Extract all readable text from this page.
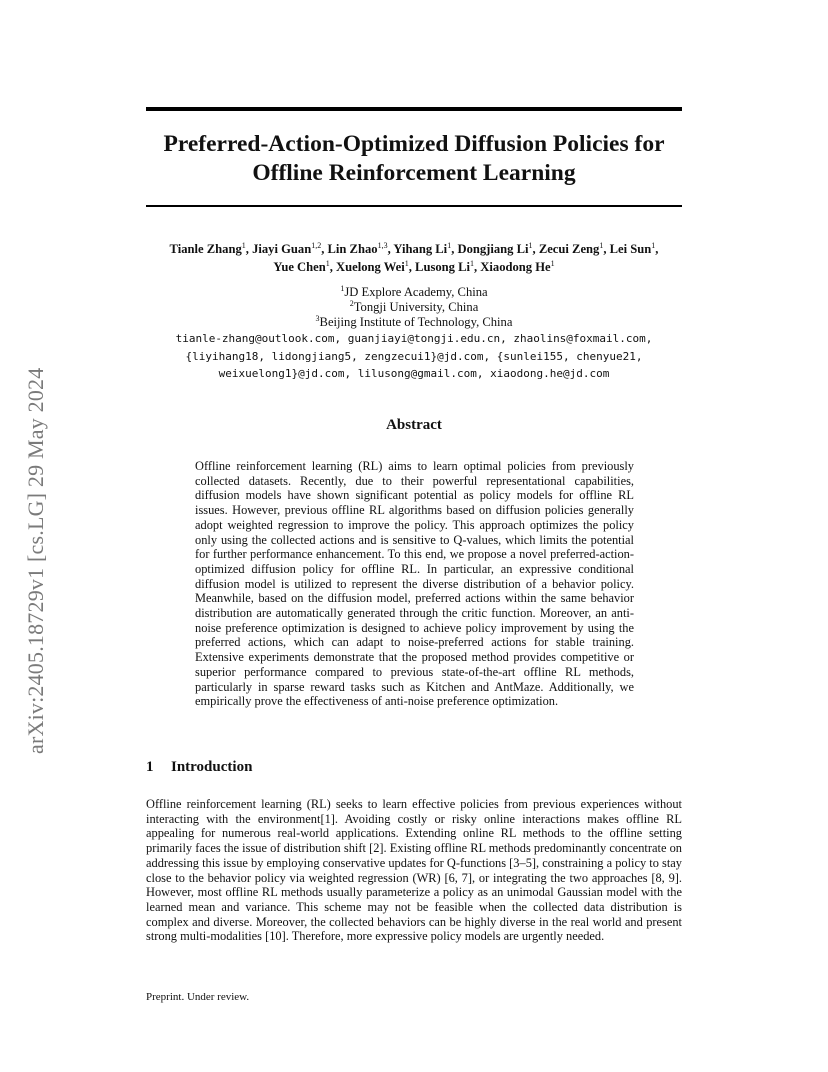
Preferred-Action-Optimized Diffusion Policies for
Offline Reinforcement Learning
arXiv:2405.18729v1 [cs.LG] 29 May 2024
Tianle Zhang$^1$, Jiayi Guan$^{1,2}$, Lin Zhao$^{1,3}$, Yihang Li$^1$, Dongjiang Li$^1$, Zecui Zeng$^1$, Lei Sun$^1$,
Yue Chen$^1$, Xuelong Wei$^1$, Lusong Li$^1$, Xiaodong He$^1$
$^1$JD Explore Academy, China
$^2$Tongji University, China
$^3$Beijing Institute of Technology, China
tianle-zhang@outlook.com, guanjiayi@tongji.edu.cn, zhaolins@foxmail.com,
{liyihang18, lidongjiang5, zengzecui1}@jd.com, {sunlei155, chenyue21,
weixuelong1}@jd.com, lilusong@gmail.com, xiaodong.he@jd.com
Abstract
Offline reinforcement learning (RL) aims to learn optimal policies from previously collected datasets. Recently, due to their powerful representational capabilities, diffusion models have shown significant potential as policy models for offline RL issues. However, previous offline RL algorithms based on diffusion policies generally adopt weighted regression to improve the policy. This approach optimizes the policy only using the collected actions and is sensitive to Q-values, which limits the potential for further performance enhancement. To this end, we propose a novel preferred-action-optimized diffusion policy for offline RL. In particular, an expressive conditional diffusion model is utilized to represent the diverse distribution of a behavior policy. Meanwhile, based on the diffusion model, preferred actions within the same behavior distribution are automatically generated through the critic function. Moreover, an anti-noise preference optimization is designed to achieve policy improvement by using the preferred actions, which can adapt to noise-preferred actions for stable training. Extensive experiments demonstrate that the proposed method provides competitive or superior performance compared to previous state-of-the-art offline RL methods, particularly in sparse reward tasks such as Kitchen and AntMaze. Additionally, we empirically prove the effectiveness of anti-noise preference optimization.
1 Introduction
Offline reinforcement learning (RL) seeks to learn effective policies from previous experiences without interacting with the environment[1]. Avoiding costly or risky online interactions makes offline RL appealing for numerous real-world applications. Extending online RL methods to the offline setting primarily faces the issue of distribution shift [2]. Existing offline RL methods predominantly concentrate on addressing this issue by employing conservative updates for Q-functions [3–5], constraining a policy to stay close to the behavior policy via weighted regression (WR) [6, 7], or integrating the two approaches [8, 9]. However, most offline RL methods usually parameterize a policy as an unimodal Gaussian model with the learned mean and variance. This scheme may not be feasible when the collected data distribution is complex and diverse. Moreover, the collected behaviors can be highly diverse in the real world and present strong multi-modalities [10]. Therefore, more expressive policy models are urgently needed.
Preprint. Under review.
